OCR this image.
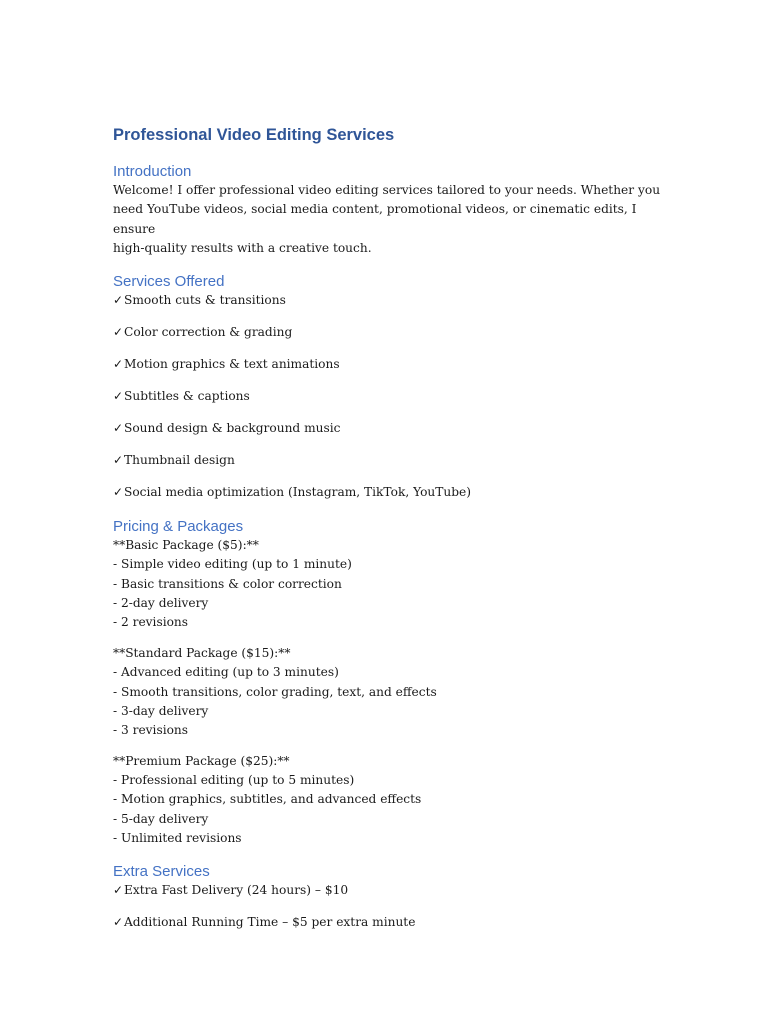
Professional Video Editing Services
Introduction
Welcome! I offer professional video editing services tailored to your needs. Whether you
need YouTube videos, social media content, promotional videos, or cinematic edits, I ensure
high-quality results with a creative touch.
Services Offered
✓Smooth cuts & transitions
✓Color correction & grading
✓Motion graphics & text animations
✓Subtitles & captions
✓Sound design & background music
✓Thumbnail design
✓Social media optimization (Instagram, TikTok, YouTube)
Pricing & Packages
**Basic Package ($5):**
- Simple video editing (up to 1 minute)
- Basic transitions & color correction
- 2-day delivery
- 2 revisions
**Standard Package ($15):**
- Advanced editing (up to 3 minutes)
- Smooth transitions, color grading, text, and effects
- 3-day delivery
- 3 revisions
**Premium Package ($25):**
- Professional editing (up to 5 minutes)
- Motion graphics, subtitles, and advanced effects
- 5-day delivery
- Unlimited revisions
Extra Services
✓Extra Fast Delivery (24 hours) – $10
✓Additional Running Time – $5 per extra minute
